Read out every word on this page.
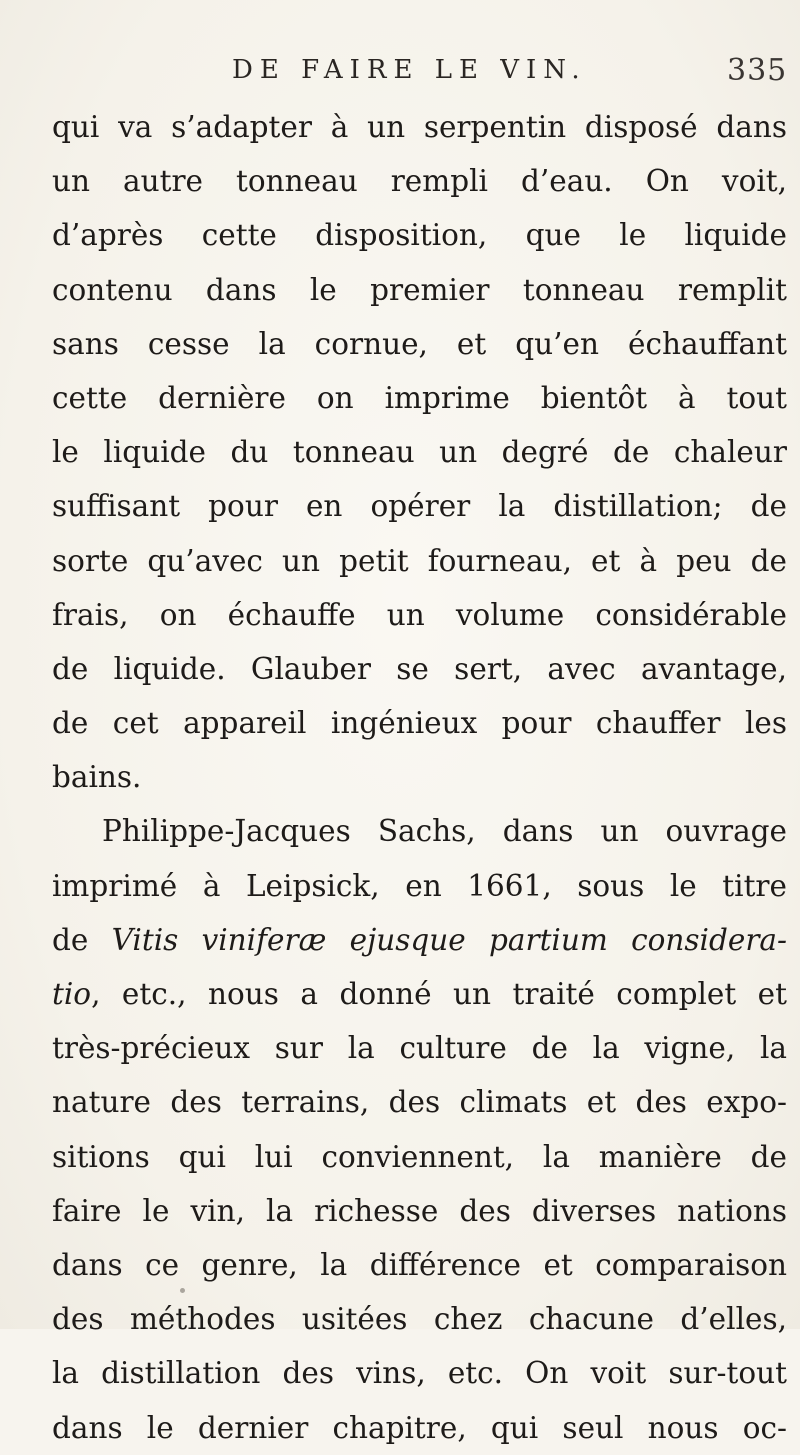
DE FAIRE LE VIN.	335
qui va s’adapter à un serpentin disposé dans
un autre tonneau rempli d’eau. On voit,
d’après cette disposition, que le liquide
contenu dans le premier tonneau remplit
sans cesse la cornue, et qu’en échauffant
cette dernière on imprime bientôt à tout
le liquide du tonneau un degré de chaleur
suffisant pour en opérer la distillation; de
sorte qu’avec un petit fourneau, et à peu de
frais, on échauffe un volume considérable
de liquide. Glauber se sert, avec avantage,
de cet appareil ingénieux pour chauffer les
bains.
Philippe-Jacques Sachs, dans un ouvrage
imprimé à Leipsick, en 1661, sous le titre
de Vitis viniferæ ejusque partium considera-
tio, etc., nous a donné un traité complet et
très-précieux sur la culture de la vigne, la
nature des terrains, des climats et des expo-
sitions qui lui conviennent, la manière de
faire le vin, la richesse des diverses nations
dans ce genre, la différence et comparaison
des méthodes usitées chez chacune d’elles,
la distillation des vins, etc. On voit sur-tout
dans le dernier chapitre, qui seul nous oc-
